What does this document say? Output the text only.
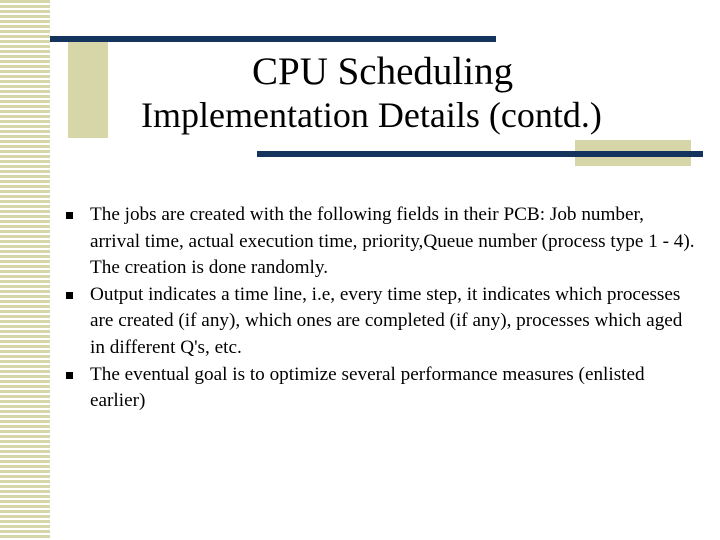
CPU Scheduling
Implementation Details (contd.)
The jobs are created with the following fields in their PCB: Job number, arrival time, actual execution time, priority,Queue number (process type 1 - 4). The creation is done randomly.
Output indicates a time line, i.e, every time step, it indicates which processes are created (if any), which ones are completed (if any), processes which aged in different Q's, etc.
The eventual goal is to optimize several performance measures (enlisted earlier)
